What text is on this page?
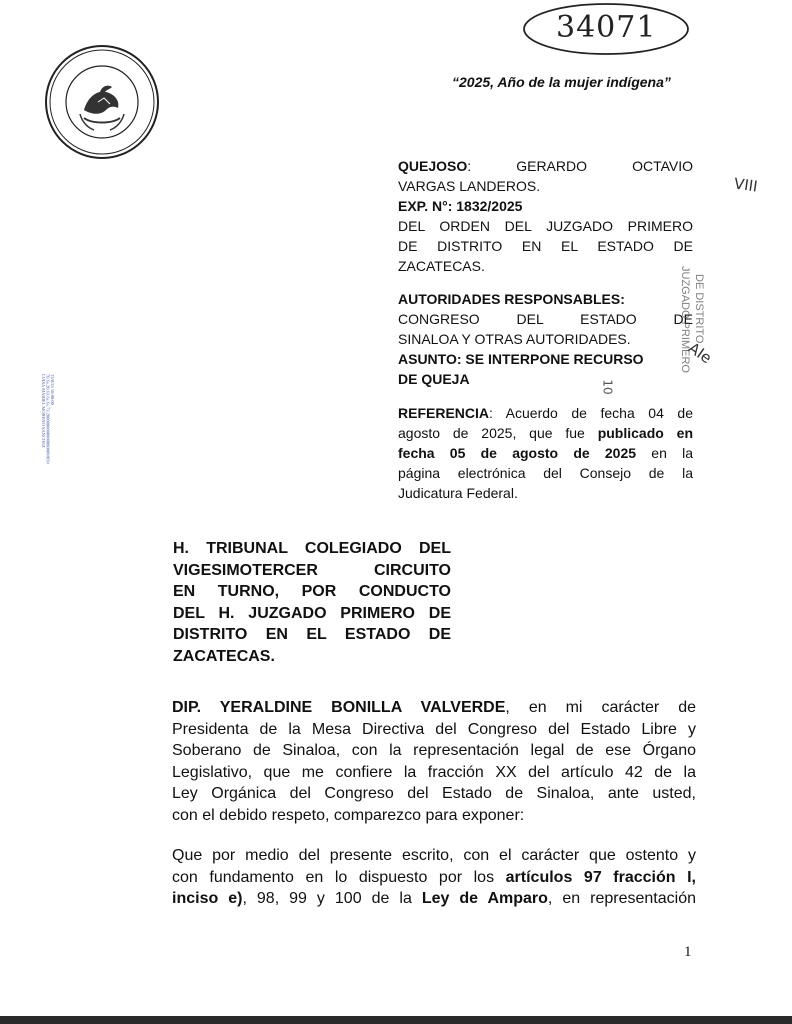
34071
“2025, Año de la mujer indígena”
QUEJOSO: GERARDO OCTAVIO
VARGAS LANDEROS.
EXP. N°: 1832/2025
DEL ORDEN DEL JUZGADO PRIMERO
DE DISTRITO EN EL ESTADO DE
ZACATECAS.
AUTORIDADES RESPONSABLES:
CONGRESO DEL ESTADO DE
SINALOA Y OTRAS AUTORIDADES.
ASUNTO: SE INTERPONE RECURSO
DE QUEJA
REFERENCIA: Acuerdo de fecha 04 de
agosto de 2025, que fue publicado en
fecha 05 de agosto de 2025 en la
página electrónica del Consejo de la
Judicatura Federal.
H. TRIBUNAL COLEGIADO DEL
VIGESIMOTERCER CIRCUITO
EN TURNO, POR CONDUCTO
DEL H. JUZGADO PRIMERO DE
DISTRITO EN EL ESTADO DE
ZACATECAS.
DIP. YERALDINE BONILLA VALVERDE, en mi carácter de
Presidenta de la Mesa Directiva del Congreso del Estado Libre y
Soberano de Sinaloa, con la representación legal de ese Órgano
Legislativo, que me confiere la fracción XX del artículo 42 de la
Ley Orgánica del Congreso del Estado de Sinaloa, ante usted,
con el debido respeto, comparezco para exponer:
Que por medio del presente escrito, con el carácter que ostento y
con fundamento en lo dispuesto por los artículos 97 fracción I,
inciso e), 98, 99 y 100 de la Ley de Amparo, en representación
1
LUISA MARIEL MORENO SANCHEZ 70.6a.20.63.6a.6a.73.2000000000000000009f059 13/8/25 18:00:00
JUZGADO PRIMERO DE DISTRITO
VIII
AIe
10
